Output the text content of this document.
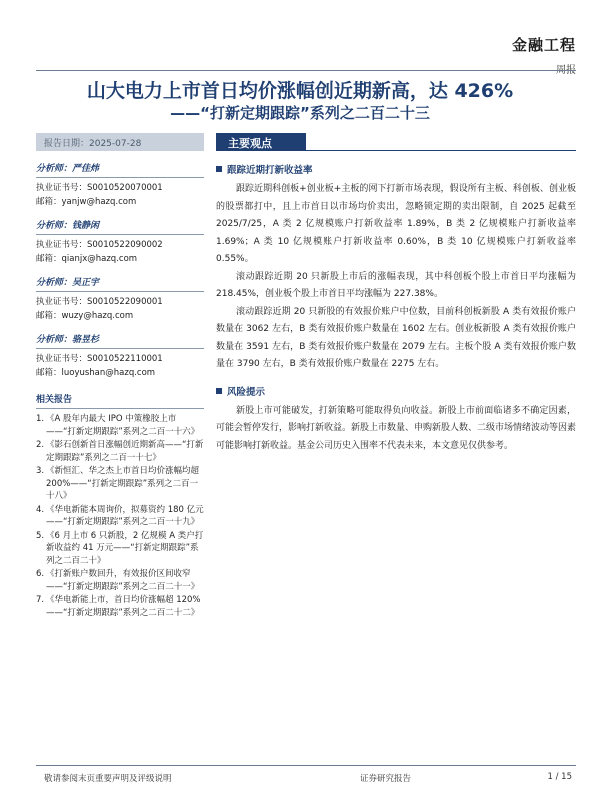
金融工程
周报
山大电力上市首日均价涨幅创近期新高，达 426%
——“打新定期跟踪”系列之二百二十三
报告日期：2025-07-28	主要观点
分析师：严佳炜
执业证书号：S0010520070001
邮箱：yanjw@hazq.com
分析师：钱静闲
执业证书号：S0010522090002
邮箱：qianjx@hazq.com
分析师：吴正宇
执业证书号：S0010522090001
邮箱：wuzy@hazq.com
分析师：骆昱杉
执业证书号：S0010522110001
邮箱：luoyushan@hazq.com
相关报告
1. 《A 股年内最大 IPO 中策橡胶上市——“打新定期跟踪”系列之二百一十六》
2. 《影石创新首日涨幅创近期新高——“打新定期跟踪”系列之二百一十七》
3. 《新恒汇、华之杰上市首日均价涨幅均超 200%——“打新定期跟踪”系列之二百一十八》
4. 《华电新能本周询价，拟募资约 180 亿元——“打新定期跟踪”系列之二百一十九》
5. 《6 月上市 6 只新股，2 亿规模 A 类户打新收益约 41 万元——“打新定期跟踪”系列之二百二十》
6. 《打新账户数回升，有效报价区间收窄——“打新定期跟踪”系列之二百二十一》
7. 《华电新能上市，首日均价涨幅超 120%——“打新定期跟踪”系列之二百二十二》
跟踪近期打新收益率

跟踪近期科创板+创业板+主板的网下打新市场表现，假设所有主板、科创板、创业板的股票都打中，且上市首日以市场均价卖出，忽略锁定期的卖出限制，自 2025 起截至 2025/7/25，A 类 2 亿规模账户打新收益率 1.89%，B 类 2 亿规模账户打新收益率 1.69%；A 类 10 亿规模账户打新收益率 0.60%，B 类 10 亿规模账户打新收益率 0.55%。

滚动跟踪近期 20 只新股上市后的涨幅表现，其中科创板个股上市首日平均涨幅为 218.45%，创业板个股上市首日平均涨幅为 227.38%。

滚动跟踪近期 20 只新股的有效报价账户中位数，目前科创板新股 A 类有效报价账户数量在 3062 左右，B 类有效报价账户数量在 1602 左右。创业板新股 A 类有效报价账户数量在 3591 左右，B 类有效报价账户数量在 2079 左右。主板个股 A 类有效报价账户数量在 3790 左右，B 类有效报价账户数量在 2275 左右。

风险提示

新股上市可能破发，打新策略可能取得负向收益。新股上市前面临诸多不确定因素，可能会暂停发行，影响打新收益。新股上市数量、申购新股人数、二级市场情绪波动等因素可能影响打新收益。基金公司历史入围率不代表未来，本文意见仅供参考。

敬请参阅末页重要声明及评级说明	证券研究报告	1 / 15
